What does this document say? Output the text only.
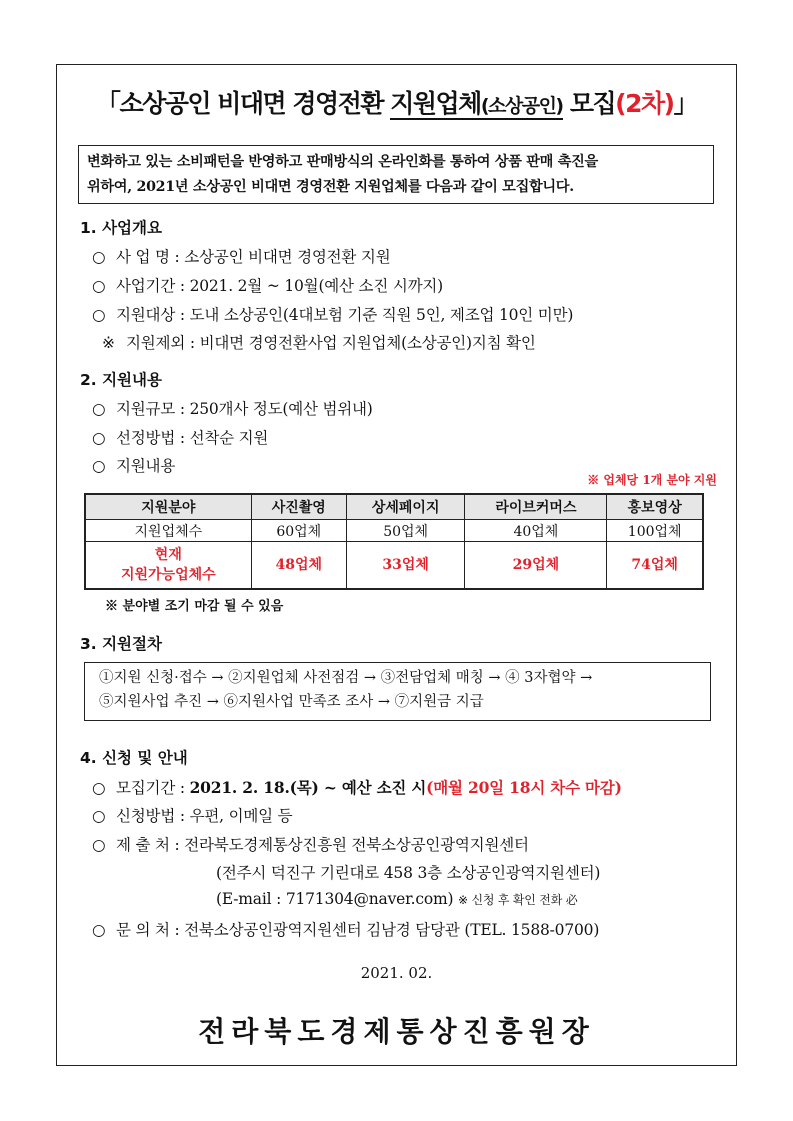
「소상공인 비대면 경영전환 지원업체(소상공인) 모집(2차)」
변화하고 있는 소비패턴을 반영하고 판매방식의 온라인화를 통하여 상품 판매 촉진을
위하여, 2021년 소상공인 비대면 경영전환 지원업체를 다음과 같이 모집합니다.
1. 사업개요
○ 사 업 명 : 소상공인 비대면 경영전환 지원
○ 사업기간 : 2021. 2월 ~ 10월(예산 소진 시까지)
○ 지원대상 : 도내 소상공인(4대보험 기준 직원 5인, 제조업 10인 미만)
※ 지원제외 : 비대면 경영전환사업 지원업체(소상공인)지침 확인
2. 지원내용
○ 지원규모 : 250개사 정도(예산 범위내)
○ 선정방법 : 선착순 지원
○ 지원내용
※ 업체당 1개 분야 지원
지원분야	사진촬영	상세페이지	라이브커머스	홍보영상
지원업체수	60업체	50업체	40업체	100업체

현재
지원가능업체수	48업체	33업체	29업체	74업체
※ 분야별 조기 마감 될 수 있음
3. 지원절차
①지원 신청·접수 → ②지원업체 사전점검 → ③전담업체 매칭 → ④ 3자협약 →
⑤지원사업 추진 → ⑥지원사업 만족조 조사 → ⑦지원금 지급
4. 신청 및 안내
○ 모집기간 : 2021. 2. 18.(목) ~ 예산 소진 시(매월 20일 18시 차수 마감)
○ 신청방법 : 우편, 이메일 등
○ 제 출 처 : 전라북도경제통상진흥원 전북소상공인광역지원센터
(전주시 덕진구 기린대로 458 3층 소상공인광역지원센터)
(E-mail : 7171304@naver.com) ※ 신청 후 확인 전화 必
○ 문 의 처 : 전북소상공인광역지원센터 김남경 담당관 (TEL. 1588-0700)
2021. 02.
전라북도경제통상진흥원장
